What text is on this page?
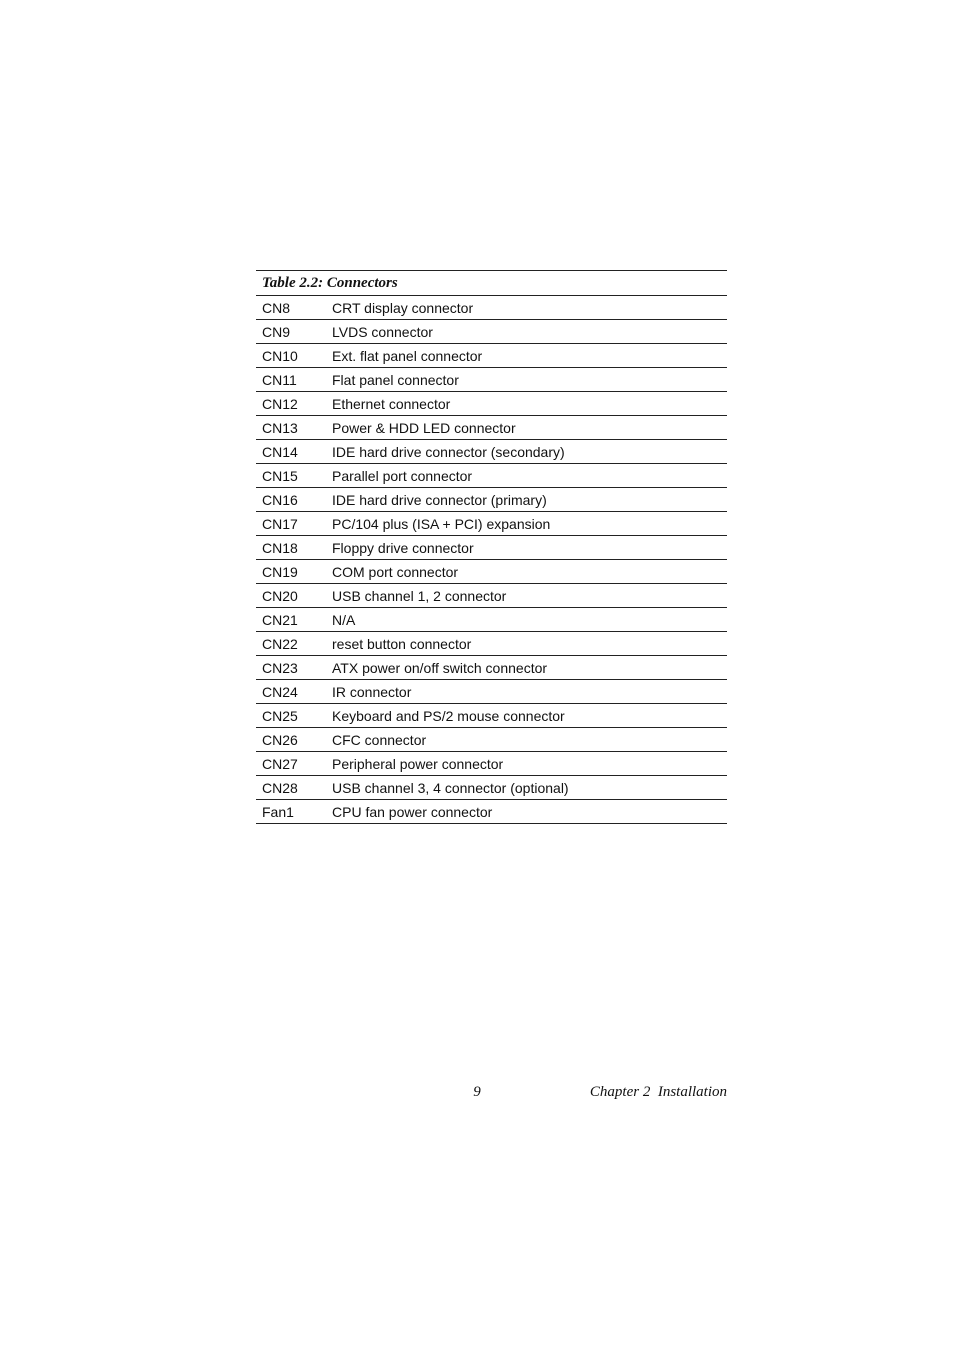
Table 2.2: Connectors
CN8	CRT display connector
CN9	LVDS connector
CN10	Ext. flat panel connector
CN11	Flat panel connector
CN12	Ethernet connector
CN13	Power & HDD LED connector
CN14	IDE hard drive connector (secondary)
CN15	Parallel port connector
CN16	IDE hard drive connector (primary)
CN17	PC/104 plus (ISA + PCI) expansion
CN18	Floppy drive connector
CN19	COM port connector
CN20	USB channel 1, 2 connector
CN21	N/A
CN22	reset button connector
CN23	ATX power on/off switch connector
CN24	IR connector
CN25	Keyboard and PS/2 mouse connector
CN26	CFC connector
CN27	Peripheral power connector
CN28	USB channel 3, 4 connector (optional)
Fan1	CPU fan power connector
9	Chapter 2  Installation
